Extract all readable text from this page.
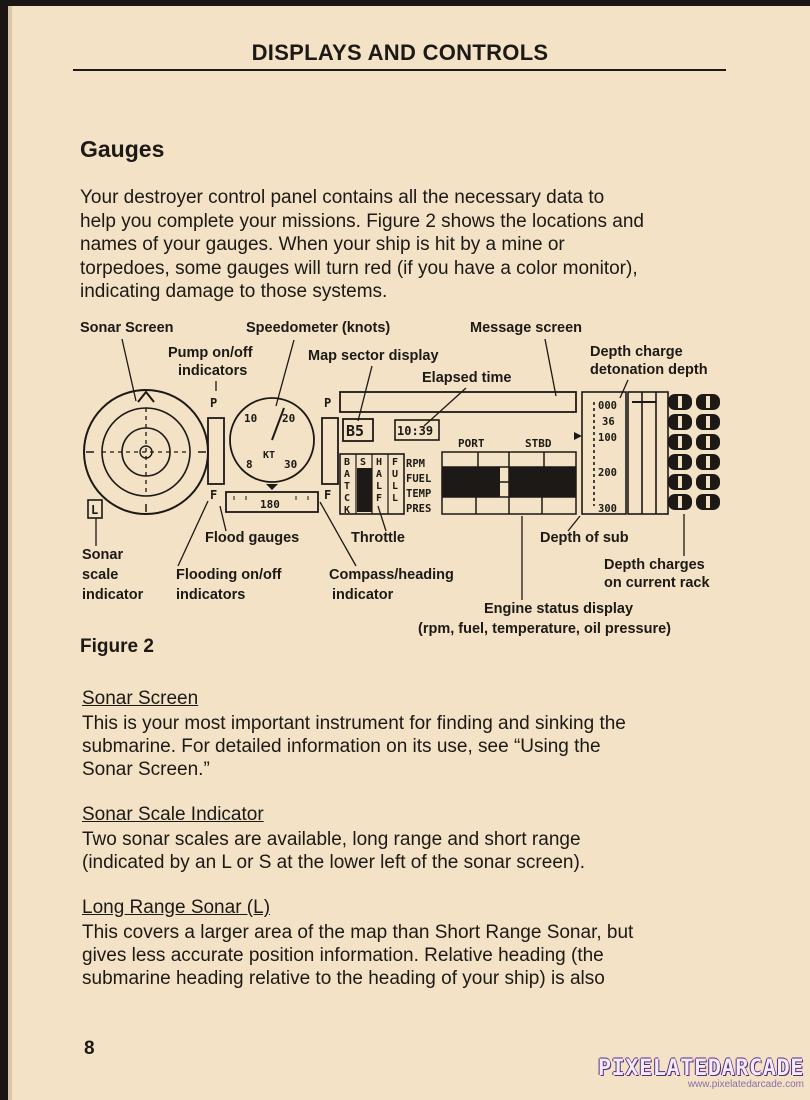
DISPLAYS AND CONTROLS
Gauges
Your destroyer control panel contains all the necessary data to
help you complete your missions. Figure 2 shows the locations and
names of your gauges. When your ship is hit by a mine or
torpedoes, some gauges will turn red (if you have a color monitor),
indicating damage to those systems.
Sonar Screen	Speedometer (knots)	Message screen
Pump on/off
indicators
Map sector display
Elapsed time
Depth charge
detonation depth
Flood gauges	Throttle	Depth of sub
Sonar
scale
indicator
Flooding on/off
indicators
Compass/heading
indicator
Depth charges
on current rack
Engine status display
(rpm, fuel, temperature, oil pressure)
L
P
F
10 20
8	30
KT
180
P
F
B5	10:39
PORT	STBD
B
A
T
C
K
S
L
O
W
H
A
L
F
F
U
L
L
RPM
FUEL
TEMP
PRES
000
36
100
200
300
Figure 2
Sonar Screen
This is your most important instrument for finding and sinking the
submarine. For detailed information on its use, see “Using the
Sonar Screen.”
Sonar Scale Indicator
Two sonar scales are available, long range and short range
(indicated by an L or S at the lower left of the sonar screen).
Long Range Sonar (L)
This covers a larger area of the map than Short Range Sonar, but
gives less accurate position information. Relative heading (the
submarine heading relative to the heading of your ship) is also
8
PIXELATEDARCADE
www.pixelatedarcade.com
